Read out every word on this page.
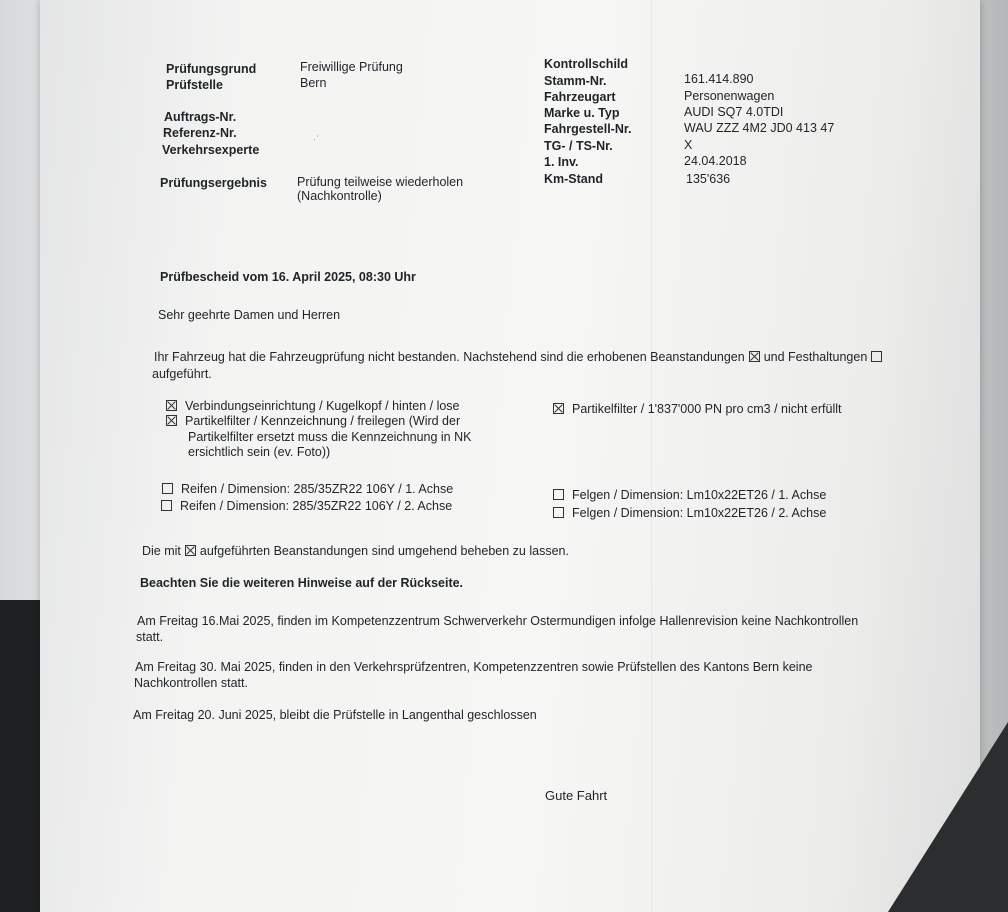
Prüfungsgrund	Freiwillige Prüfung
Prüfstelle	Bern
Auftrags-Nr.
Referenz-Nr.	·ʾ
Verkehrsexperte
Prüfungsergebnis Prüfung teilweise wiederholen
(Nachkontrolle)
Kontrollschild
Stamm-Nr.	161.414.890
Fahrzeugart	Personenwagen
Marke u. Typ	AUDI SQ7 4.0TDI
Fahrgestell-Nr.	WAU ZZZ 4M2 JD0 413 47
TG- / TS-Nr.	X
1. Inv.	24.04.2018
Km-Stand	135'636
Prüfbescheid vom 16. April 2025, 08:30 Uhr
Sehr geehrte Damen und Herren
Ihr Fahrzeug hat die Fahrzeugprüfung nicht bestanden. Nachstehend sind die erhobenen Beanstandungen und Festhaltungen
aufgeführt.
Verbindungseinrichtung / Kugelkopf / hinten / lose
Partikelfilter / Kennzeichnung / freilegen (Wird der
Partikelfilter ersetzt muss die Kennzeichnung in NK
ersichtlich sein (ev. Foto))
Partikelfilter / 1'837'000 PN pro cm3 / nicht erfüllt
Reifen / Dimension: 285/35ZR22 106Y / 1. Achse
Reifen / Dimension: 285/35ZR22 106Y / 2. Achse
Felgen / Dimension: Lm10x22ET26 / 1. Achse
Felgen / Dimension: Lm10x22ET26 / 2. Achse
Die mit aufgeführten Beanstandungen sind umgehend beheben zu lassen.
Beachten Sie die weiteren Hinweise auf der Rückseite.
Am Freitag 16.Mai 2025, finden im Kompetenzzentrum Schwerverkehr Ostermundigen infolge Hallenrevision keine Nachkontrollen
statt.
Am Freitag 30. Mai 2025, finden in den Verkehrsprüfzentren, Kompetenzzentren sowie Prüfstellen des Kantons Bern keine
Nachkontrollen statt.
Am Freitag 20. Juni 2025, bleibt die Prüfstelle in Langenthal geschlossen
Gute Fahrt
